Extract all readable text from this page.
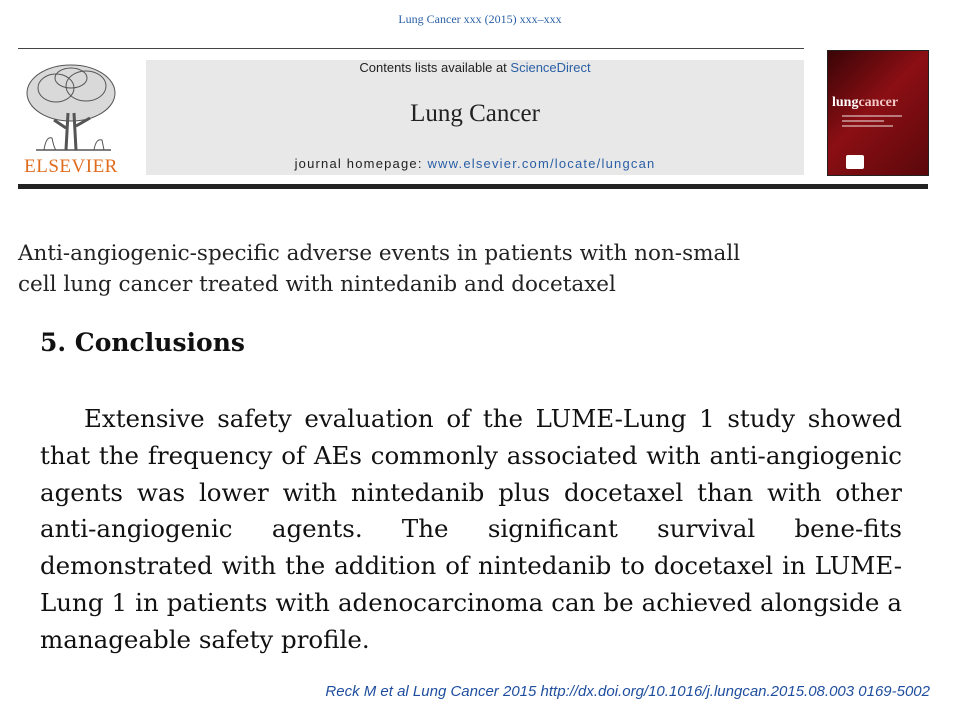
Lung Cancer xxx (2015) xxx–xxx
ELSEVIER
Contents lists available at ScienceDirect
Lung Cancer
journal homepage: www.elsevier.com/locate/lungcan
lungcancer
Anti-angiogenic-specific adverse events in patients with non-small
cell lung cancer treated with nintedanib and docetaxel
5. Conclusions

Extensive safety evaluation of the LUME-Lung 1 study showed that the frequency of AEs commonly associated with anti-angiogenic agents was lower with nintedanib plus docetaxel than with other anti-angiogenic agents. The significant survival bene-fits demonstrated with the addition of nintedanib to docetaxel in LUME-Lung 1 in patients with adenocarcinoma can be achieved alongside a manageable safety profile.

Reck M et al Lung Cancer 2015 http://dx.doi.org/10.1016/j.lungcan.2015.08.003 0169-5002
